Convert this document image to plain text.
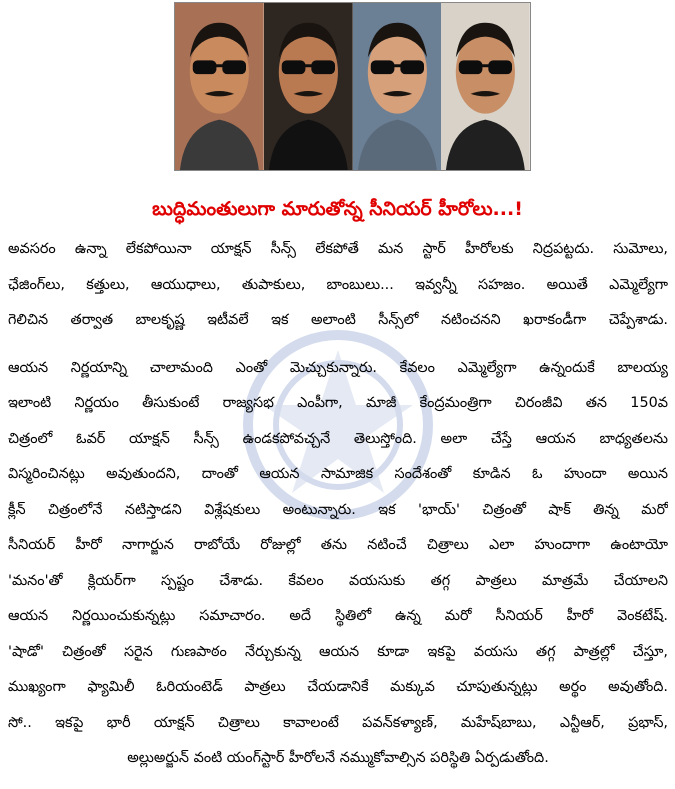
బుద్ధిమంతులుగా మారుతోన్న సీనియర్ హీరోలు...!
అవసరం ఉన్నా లేకపోయినా యాక్షన్ సీన్స్ లేకపోతే మన స్టార్ హీరోలకు నిద్రపట్టదు. సుమోలు,
ఛేజింగ్‌లు, కత్తులు, ఆయుధాలు, తుపాకులు, బాంబులు... ఇవ్వన్నీ సహజం. అయితే ఎమ్మెల్యేగా
గెలిచిన తర్వాత బాలకృష్ణ ఇటీవలే ఇక అలాంటి సీన్స్‌లో నటించనని ఖరాకండీగా చెప్పేశాడు.
ఆయన నిర్ణయాన్ని చాలామంది ఎంతో మెచ్చుకున్నారు. కేవలం ఎమ్మెల్యేగా ఉన్నందుకే బాలయ్య
ఇలాంటి నిర్ణయం తీసుకుంటే రాజ్యసభ ఎంపీగా, మాజీ కేంద్రమంత్రిగా చిరంజీవి తన 150వ
చిత్రంలో ఓవర్ యాక్షన్ సీన్స్ ఉండకపోవచ్చనే తెలుస్తోంది. అలా చేస్తే ఆయన బాధ్యతలను
విస్మరించినట్లు అవుతుందని, దాంతో ఆయన సామాజిక సందేశంతో కూడిన ఓ హుందా అయిన
క్లీన్ చిత్రంలోనే నటిస్తాడని విశ్లేషకులు అంటున్నారు. ఇక 'భాయ్' చిత్రంతో షాక్ తిన్న మరో
సీనియర్ హీరో నాగార్జున రాబోయే రోజుల్లో తను నటించే చిత్రాలు ఎలా హుందాగా ఉంటాయో
'మనం'తో క్లియర్‌గా స్పష్టం చేశాడు. కేవలం వయసుకు తగ్గ పాత్రలు మాత్రమే చేయాలని
ఆయన నిర్ణయించుకున్నట్లు సమాచారం. అదే స్థితిలో ఉన్న మరో సీనియర్ హీరో వెంకటేష్.
'షాడో' చిత్రంతో సరైన గుణపాఠం నేర్చుకున్న ఆయన కూడా ఇకపై వయసు తగ్గ పాత్రల్లో చేస్తూ,
ముఖ్యంగా ఫ్యామిలీ ఓరియంటెడ్ పాత్రలు చేయడానికే మక్కువ చూపుతున్నట్లు అర్థం అవుతోంది.
సో.. ఇకపై భారీ యాక్షన్ చిత్రాలు కావాలంటే పవన్‌కళ్యాణ్, మహేష్‌బాబు, ఎన్టీఆర్, ప్రభాస్,
అల్లుఅర్జున్ వంటి యంగ్‌స్టార్ హీరోలనే నమ్ముకోవాల్సిన పరిస్థితి ఏర్పడుతోంది.
